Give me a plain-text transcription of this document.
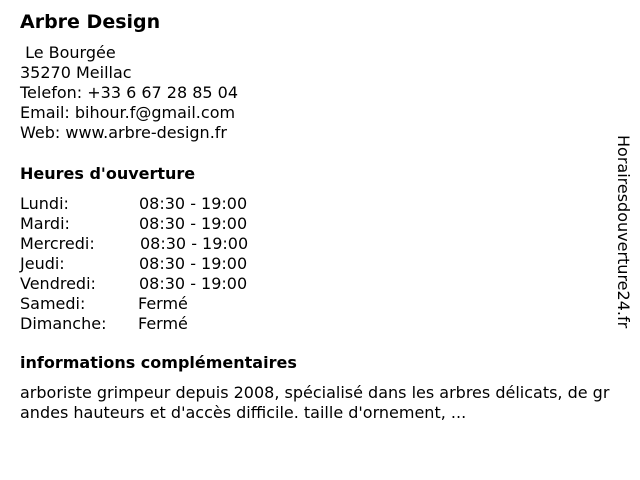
Arbre Design
Le Bourgée
35270 Meillac
Telefon: +33 6 67 28 85 04
Email: bihour.f@gmail.com
Web: www.arbre-design.fr
Heures d'ouverture
Lundi:	08:30 - 19:00
Mardi:	08:30 - 19:00
Mercredi:	08:30 - 19:00
Jeudi:	08:30 - 19:00
Vendredi:	08:30 - 19:00
Samedi:	Fermé
Dimanche: Fermé
informations complémentaires
arboriste grimpeur depuis 2008, spécialisé dans les arbres délicats, de grandes hauteurs et d'accès difficile. taille d'ornement, ...
Horairesdouverture24.fr
